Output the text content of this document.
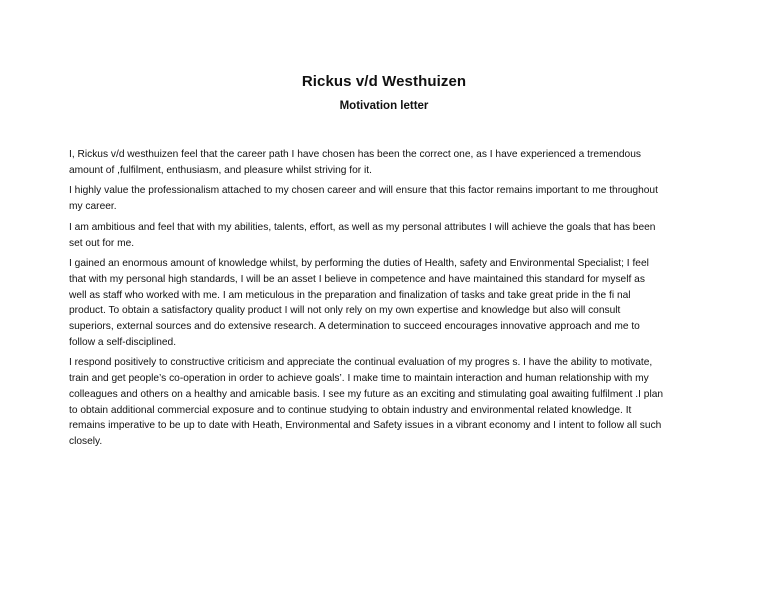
Rickus v/d Westhuizen
Motivation letter
I, Rickus v/d westhuizen feel that the career path I have chosen has been the correct one, as I have experienced a tremendous
amount of ,fulfilment, enthusiasm, and pleasure whilst striving for it.
I highly value the professionalism attached to my chosen career and will ensure that this factor remains important to me throughout
my career.
I am ambitious and feel that with my abilities, talents, effort, as well as my personal attributes I will achieve the goals that has been
set out for me.
I gained an enormous amount of knowledge whilst, by performing the duties of Health, safety and Environmental Specialist; I feel
that with my personal high standards, I will be an asset I believe in competence and have maintained this standard for myself as
well as staff who worked with me. I am meticulous in the preparation and finalization of tasks and take great pride in the fi nal
product. To obtain a satisfactory quality product I will not only rely on my own expertise and knowledge but also will consult
superiors, external sources and do extensive research. A determination to succeed encourages innovative approach and me to
follow a self-disciplined.
I respond positively to constructive criticism and appreciate the continual evaluation of my progres s. I have the ability to motivate,
train and get people’s co-operation in order to achieve goals’. I make time to maintain interaction and human relationship with my
colleagues and others on a healthy and amicable basis. I see my future as an exciting and stimulating goal awaiting fulfilment .I plan
to obtain additional commercial exposure and to continue studying to obtain industry and environmental related knowledge. It
remains imperative to be up to date with Heath, Environmental and Safety issues in a vibrant economy and I intent to follow all such
closely.
